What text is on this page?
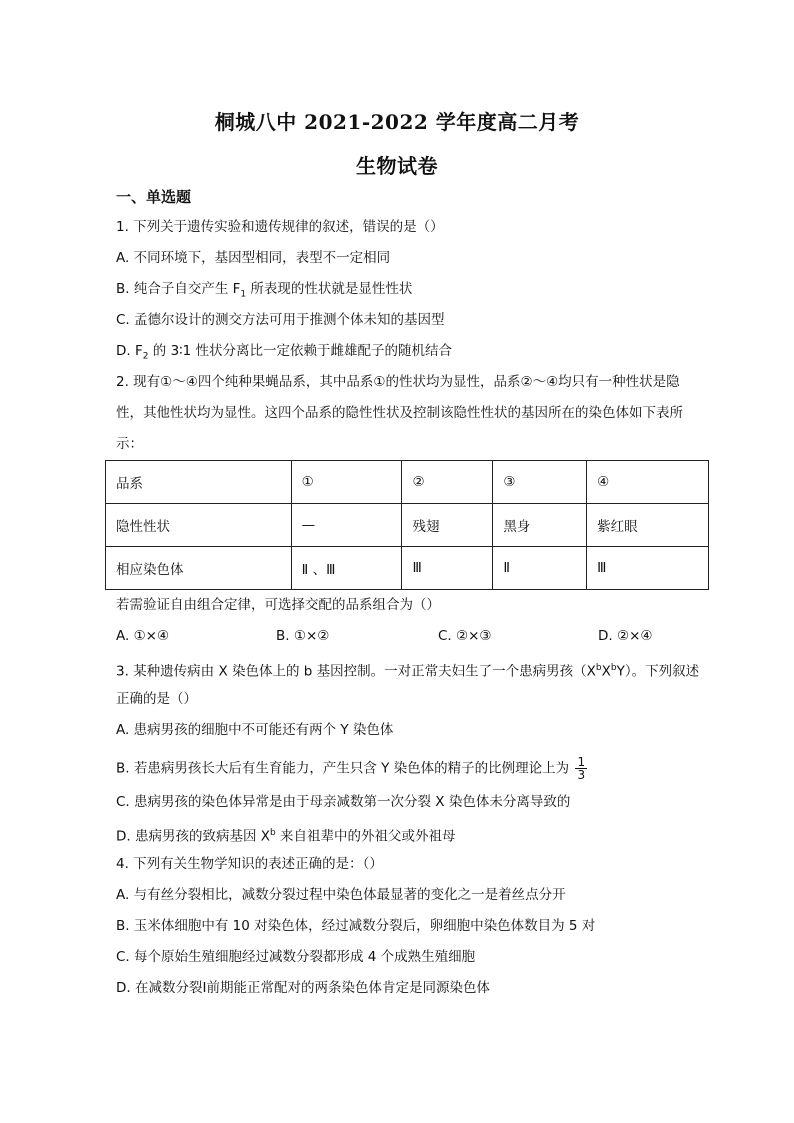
桐城八中 2021-2022 学年度高二月考
生物试卷
一、单选题
1. 下列关于遗传实验和遗传规律的叙述，错误的是（）
A. 不同环境下，基因型相同，表型不一定相同
B. 纯合子自交产生 $F_1$ 所表现的性状就是显性性状
C. 孟德尔设计的测交方法可用于推测个体未知的基因型
D. $F_2$ 的 3∶1 性状分离比一定依赖于雌雄配子的随机结合
2. 现有①～④四个纯种果蝇品系，其中品系①的性状均为显性，品系②～④均只有一种性状是隐
性，其他性状均为显性。这四个品系的隐性性状及控制该隐性性状的基因所在的染色体如下表所
示：
品系	①	②	③	④
隐性性状	—	残翅	黑身	紫红眼
相应染色体	Ⅱ 、Ⅲ	Ⅲ	Ⅱ	Ⅲ
若需验证自由组合定律，可选择交配的品系组合为（）
A. ①×④	B. ①×②	C. ②×③	D. ②×④
3. 某种遗传病由 X 染色体上的 b 基因控制。一对正常夫妇生了一个患病男孩$(X^bX^bY)$。下列叙述
正确的是（）
A. 患病男孩的细胞中不可能还有两个 Y 染色体
B. 若患病男孩长大后有生育能力，产生只含 Y 染色体的精子的比例理论上为 $\frac{1}{3}$
C. 患病男孩的染色体异常是由于母亲减数第一次分裂 X 染色体未分离导致的
D. 患病男孩的致病基因 $X^b$ 来自祖辈中的外祖父或外祖母
4. 下列有关生物学知识的表述正确的是：（）
A. 与有丝分裂相比，减数分裂过程中染色体最显著的变化之一是着丝点分开
B. 玉米体细胞中有 10 对染色体，经过减数分裂后，卵细胞中染色体数目为 5 对
C. 每个原始生殖细胞经过减数分裂都形成 4 个成熟生殖细胞
D. 在减数分裂Ⅰ前期能正常配对的两条染色体肯定是同源染色体
